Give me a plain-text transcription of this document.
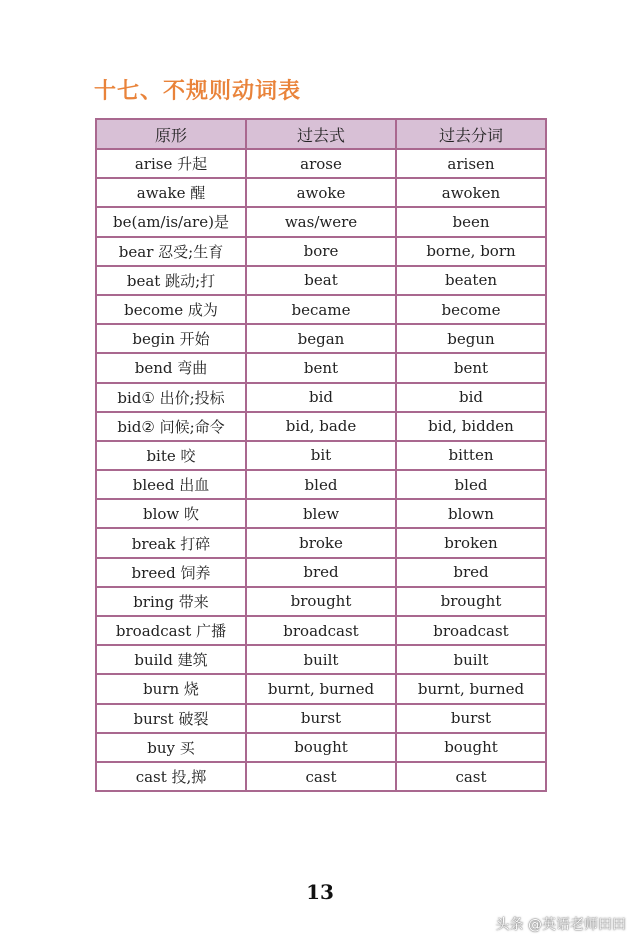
十七、不规则动词表
原形	过去式	过去分词
arise 升起	arose	arisen
awake 醒	awoke	awoken
be(am/is/are)是	was/were	been
bear 忍受;生育	bore	borne, born
beat 跳动;打	beat	beaten
become 成为	became	become
begin 开始	began	begun
bend 弯曲	bent	bent
bid① 出价;投标	bid	bid
bid② 问候;命令	bid, bade	bid, bidden
bite 咬	bit	bitten
bleed 出血	bled	bled
blow 吹	blew	blown
break 打碎	broke	broken
breed 饲养	bred	bred
bring 带来	brought	brought
broadcast 广播	broadcast	broadcast
build 建筑	built	built
burn 烧	burnt, burned	burnt, burned
burst 破裂	burst	burst
buy 买	bought	bought
cast 投,掷	cast	cast
13
头条 @英语老师田田
